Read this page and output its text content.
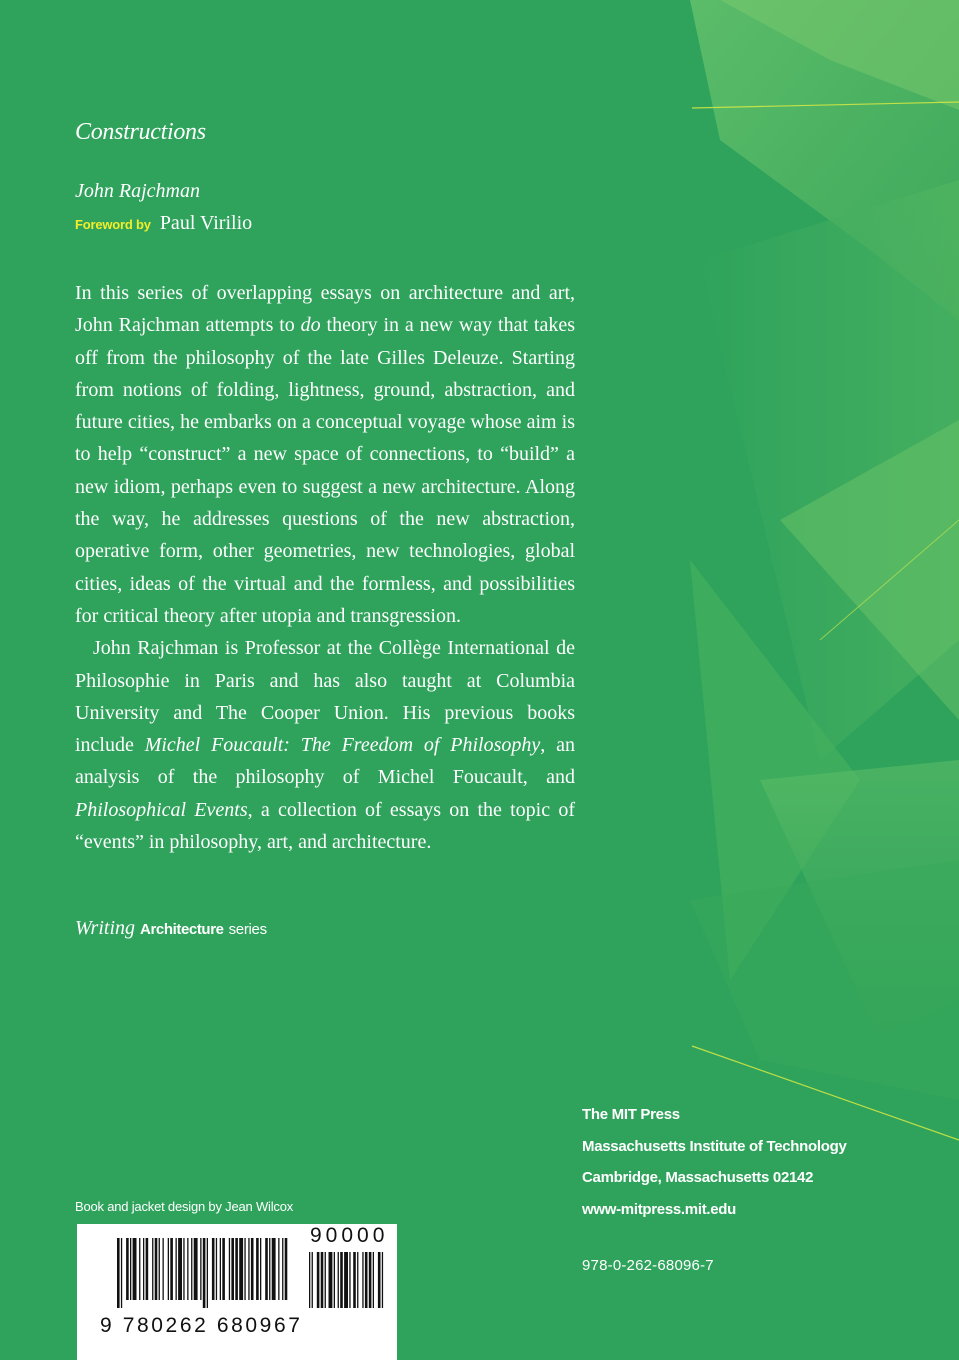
Constructions
John Rajchman
Foreword by Paul Virilio

In this series of overlapping essays on architecture and art, John Rajchman attempts to do theory in a new way that takes off from the philosophy of the late Gilles Deleuze. Starting from notions of folding, lightness, ground, abstraction, and future cities, he embarks on a conceptual voyage whose aim is to help “construct” a new space of connections, to “build” a new idiom, perhaps even to suggest a new architecture. Along the way, he addresses questions of the new abstraction, operative form, other geometries, new technologies, global cities, ideas of the virtual and the formless, and possibilities for critical theory after utopia and transgression.

John Rajchman is Professor at the Collège International de Philosophie in Paris and has also taught at Columbia University and The Cooper Union. His previous books include Michel Foucault: The Freedom of Philosophy, an analysis of the philosophy of Michel Foucault, and Philosophical Events, a collection of essays on the topic of “events” in philosophy, art, and architecture.

Writing Architecture series
The MIT Press
Massachusetts Institute of Technology
Cambridge, Massachusetts 02142
www-mitpress.mit.edu
978-0-262-68096-7
Book and jacket design by Jean Wilcox
9 780262 680967
90000
